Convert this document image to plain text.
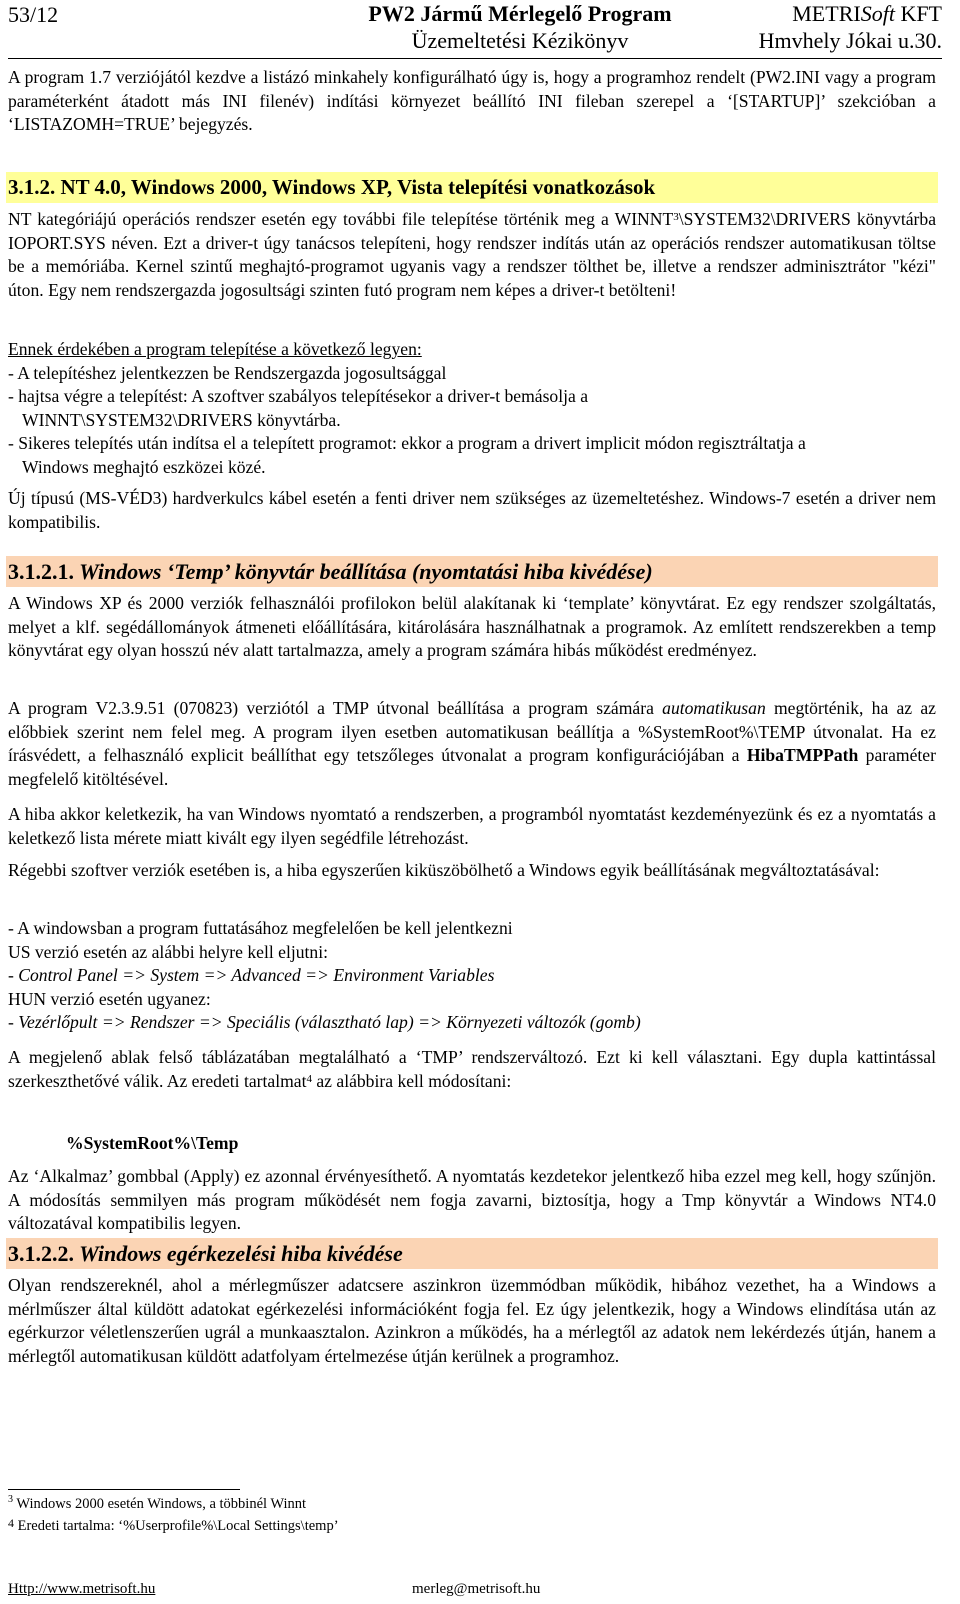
53/12	PW2 Jármű Mérlegelő Program
Üzemeltetési Kézikönyv
METRISoft KFT
Hmvhely Jókai u.30.
A program 1.7 verziójától kezdve a listázó minkahely konfigurálható úgy is, hogy a programhoz rendelt (PW2.INI vagy a program paraméterként átadott más INI filenév) indítási környezet beállító INI fileban szerepel a ‘[STARTUP]’ szekcióban a ‘LISTAZOMH=TRUE’ bejegyzés.
3.1.2. NT 4.0, Windows 2000, Windows XP, Vista telepítési vonatkozások
NT kategóriájú operációs rendszer esetén egy további file telepítése történik meg a WINNT$^3$\SYSTEM32\DRIVERS könyvtárba IOPORT.SYS néven. Ezt a driver-t úgy tanácsos telepíteni, hogy rendszer indítás után az operációs rendszer automatikusan töltse be a memóriába. Kernel szintű meghajtó-programot ugyanis vagy a rendszer tölthet be, illetve a rendszer adminisztrátor "kézi" úton. Egy nem rendszergazda jogosultsági szinten futó program nem képes a driver-t betölteni!
Ennek érdekében a program telepítése a következő legyen:
- A telepítéshez jelentkezzen be Rendszergazda jogosultsággal
- hajtsa végre a telepítést: A szoftver szabályos telepítésekor a driver-t bemásolja a
WINNT\SYSTEM32\DRIVERS könyvtárba.
- Sikeres telepítés után indítsa el a telepített programot: ekkor a program a drivert implicit módon regisztráltatja a
Windows meghajtó eszközei közé.
Új típusú (MS-VÉD3) hardverkulcs kábel esetén a fenti driver nem szükséges az üzemeltetéshez. Windows-7 esetén a driver nem kompatibilis.
3.1.2.1. Windows ‘Temp’ könyvtár beállítása (nyomtatási hiba kivédése)
A Windows XP és 2000 verziók felhasználói profilokon belül alakítanak ki ‘template’ könyvtárat. Ez egy rendszer szolgáltatás, melyet a klf. segédállományok átmeneti előállítására, kitárolására használhatnak a programok. Az említett rendszerekben a temp könyvtárat egy olyan hosszú név alatt tartalmazza, amely a program számára hibás működést eredményez.
A program V2.3.9.51 (070823) verziótól a TMP útvonal beállítása a program számára automatikusan megtörténik, ha az az előbbiek szerint nem felel meg. A program ilyen esetben automatikusan beállítja a %SystemRoot%\TEMP útvonalat. Ha ez írásvédett, a felhasználó explicit beállíthat egy tetszőleges útvonalat a program konfigurációjában a HibaTMPPath paraméter megfelelő kitöltésével.
A hiba akkor keletkezik, ha van Windows nyomtató a rendszerben, a programból nyomtatást kezdeményezünk és ez a nyomtatás a keletkező lista mérete miatt kivált egy ilyen segédfile létrehozást.
Régebbi szoftver verziók esetében is, a hiba egyszerűen kiküszöbölhető a Windows egyik beállításának megváltoztatásával:
- A windowsban a program futtatásához megfelelően be kell jelentkezni
US verzió esetén az alábbi helyre kell eljutni:
- Control Panel => System => Advanced => Environment Variables
HUN verzió esetén ugyanez:
- Vezérlőpult => Rendszer => Speciális (választható lap) => Környezeti változók (gomb)
A megjelenő ablak felső táblázatában megtalálható a ‘TMP’ rendszerváltozó. Ezt ki kell választani. Egy dupla kattintással szerkeszthetővé válik. Az eredeti tartalmat$^4$ az alábbira kell módosítani:
%SystemRoot%\Temp
Az ‘Alkalmaz’ gombbal (Apply) ez azonnal érvényesíthető. A nyomtatás kezdetekor jelentkező hiba ezzel meg kell, hogy szűnjön. A módosítás semmilyen más program működését nem fogja zavarni, biztosítja, hogy a Tmp könyvtár a Windows NT4.0 változatával kompatibilis legyen.
3.1.2.2. Windows egérkezelési hiba kivédése
Olyan rendszereknél, ahol a mérlegműszer adatcsere aszinkron üzemmódban működik, hibához vezethet, ha a Windows a mérlműszer által küldött adatokat egérkezelési információként fogja fel. Ez úgy jelentkezik, hogy a Windows elindítása után az egérkurzor véletlenszerűen ugrál a munkaasztalon. Azinkron a működés, ha a mérlegtől az adatok nem lekérdezés útján, hanem a mérlegtől automatikusan küldött adatfolyam értelmezése útján kerülnek a programhoz.
$^3$ Windows 2000 esetén Windows, a többinél Winnt
$^4$ Eredeti tartalma: ‘%Userprofile%\Local Settings\temp’
Http://www.metrisoft.hu	merleg@metrisoft.hu
